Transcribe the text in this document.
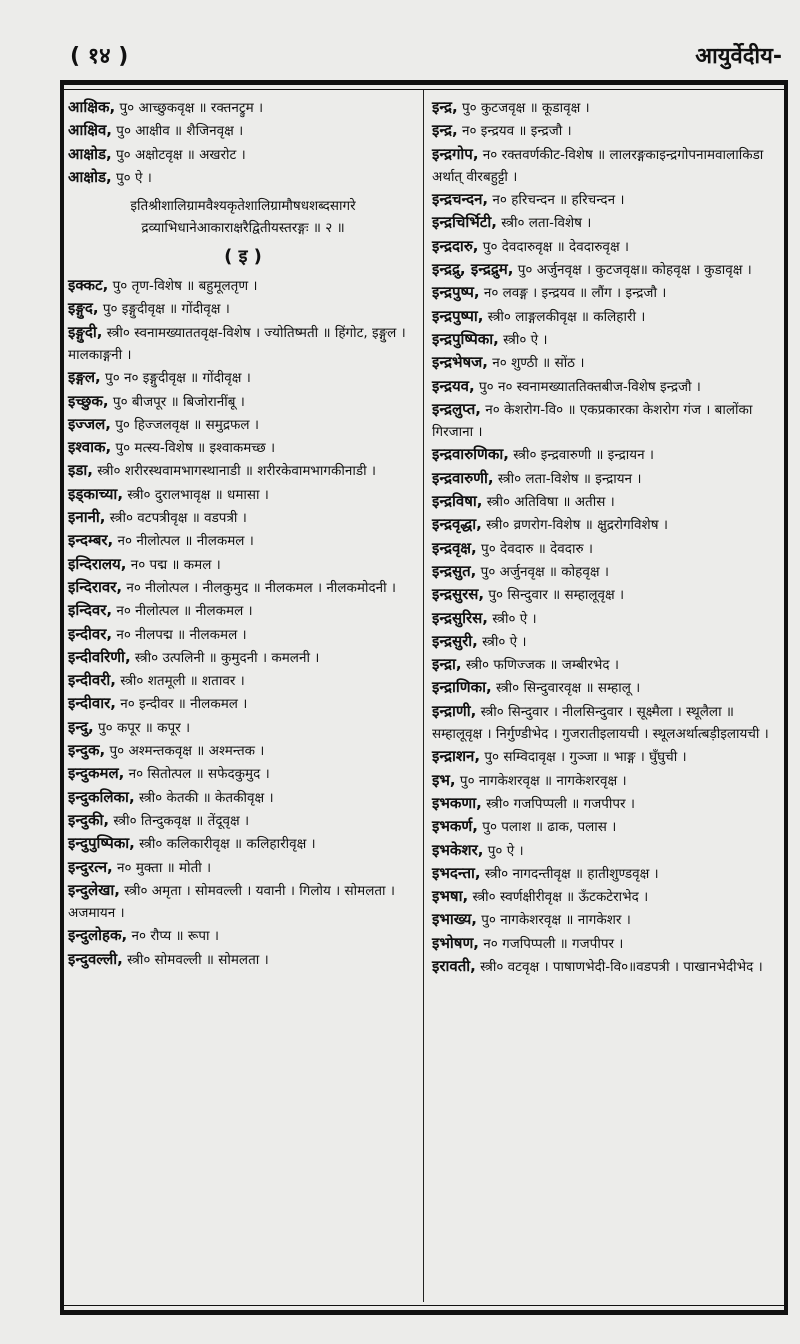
( १४ )	आयुर्वेदीय-

आक्षिक, पु० आच्छुकवृक्ष ॥ रक्तनट्रुम ।

आक्षिव, पु० आक्षीव ॥ शैजिनवृक्ष ।

आक्षोड, पु० अक्षोटवृक्ष ॥ अखरोट ।

आक्षोड, पु० ऐ ।

इतिश्रीशालिग्रामवैश्यकृतेशालिग्रामौषधशब्दसागरे द्रव्याभिधानेआकाराक्षरैद्वितीयस्तरङ्गः ॥ २ ॥

( इ )

इक्कट, पु० तृण-विशेष ॥ बहुमूलतृण ।

इङ्गुद, पु० इङ्गुदीवृक्ष ॥ गोंदीवृक्ष ।

इङ्गुदी, स्त्री० स्वनामख्याततवृक्ष-विशेष । ज्योतिष्मती ॥ हिंगोट, इङ्गुल । मालकाङ्गनी ।

इङ्गल, पु० न० इङ्गुदीवृक्ष ॥ गोंदीवृक्ष ।

इच्छुक, पु० बीजपूर ॥ बिजोरानींबू ।

इज्जल, पु० हिज्जलवृक्ष ॥ समुद्रफल ।

इश्वाक, पु० मत्स्य-विशेष ॥ इश्वाकमच्छ ।

इडा, स्त्री० शरीरस्थवामभागस्थानाडी ॥ शरीरकेवामभागकीनाडी ।

इड्काच्या, स्त्री० दुरालभावृक्ष ॥ धमासा ।

इनानी, स्त्री० वटपत्रीवृक्ष ॥ वडपत्री ।

इन्दम्बर, न० नीलोत्पल ॥ नीलकमल ।

इन्दिरालय, न० पद्म ॥ कमल ।

इन्दिरावर, न० नीलोत्पल । नीलकुमुद ॥ नीलकमल । नीलकमोदनी ।

इन्दिवर, न० नीलोत्पल ॥ नीलकमल ।

इन्दीवर, न० नीलपद्म ॥ नीलकमल ।

इन्दीवरिणी, स्त्री० उत्पलिनी ॥ कुमुदनी । कमलनी ।

इन्दीवरी, स्त्री० शतमूली ॥ शतावर ।

इन्दीवार, न० इन्दीवर ॥ नीलकमल ।

इन्दु, पु० कपूर ॥ कपूर ।

इन्दुक, पु० अश्मन्तकवृक्ष ॥ अश्मन्तक ।

इन्दुकमल, न० सितोत्पल ॥ सफेदकुमुद ।

इन्दुकलिका, स्त्री० केतकी ॥ केतकीवृक्ष ।

इन्दुकी, स्त्री० तिन्दुकवृक्ष ॥ तेंदूवृक्ष ।

इन्दुपुष्पिका, स्त्री० कलिकारीवृक्ष ॥ कलिहारीवृक्ष ।

इन्दुरत्न, न० मुक्ता ॥ मोती ।

इन्दुलेखा, स्त्री० अमृता । सोमवल्ली । यवानी । गिलोय । सोमलता । अजमायन ।

इन्दुलोहक, न० रौप्य ॥ रूपा ।

इन्दुवल्ली, स्त्री० सोमवल्ली ॥ सोमलता ।

इन्द्र, पु० कुटजवृक्ष ॥ कूडावृक्ष ।

इन्द्र, न० इन्द्रयव ॥ इन्द्रजौ ।

इन्द्रगोप, न० रक्तवर्णकीट-विशेष ॥ लालरङ्गकाइन्द्रगोपनामवालाकिडा अर्थात् वीरबहुट्टी ।

इन्द्रचन्दन, न० हरिचन्दन ॥ हरिचन्दन ।

इन्द्रचिर्भिटी, स्त्री० लता-विशेष ।

इन्द्रदारु, पु० देवदारुवृक्ष ॥ देवदारुवृक्ष ।

इन्द्रद्रु, इन्द्रद्रुम, पु० अर्जुनवृक्ष । कुटजवृक्ष॥ कोहवृक्ष । कुडावृक्ष ।

इन्द्रपुष्प, न० लवङ्ग । इन्द्रयव ॥ लौंग । इन्द्रजौ ।

इन्द्रपुष्पा, स्त्री० लाङ्गलकीवृक्ष ॥ कलिहारी ।

इन्द्रपुष्पिका, स्त्री० ऐ ।

इन्द्रभेषज, न० शुण्ठी ॥ सोंठ ।

इन्द्रयव, पु० न० स्वनामख्याततिक्तबीज-विशेष इन्द्रजौ ।

इन्द्रलुप्त, न० केशरोग-वि० ॥ एकप्रकारका केशरोग गंज । बालोंका गिरजाना ।

इन्द्रवारुणिका, स्त्री० इन्द्रवारुणी ॥ इन्द्रायन ।

इन्द्रवारुणी, स्त्री० लता-विशेष ॥ इन्द्रायन ।

इन्द्रविषा, स्त्री० अतिविषा ॥ अतीस ।

इन्द्रवृद्धा, स्त्री० व्रणरोग-विशेष ॥ क्षुद्ररोगविशेष ।

इन्द्रवृक्ष, पु० देवदारु ॥ देवदारु ।

इन्द्रसुत, पु० अर्जुनवृक्ष ॥ कोहवृक्ष ।

इन्द्रसुरस, पु० सिन्दुवार ॥ सम्हालूवृक्ष ।

इन्द्रसुरिस, स्त्री० ऐ ।

इन्द्रसुरी, स्त्री० ऐ ।

इन्द्रा, स्त्री० फणिज्जक ॥ जम्बीरभेद ।

इन्द्राणिका, स्त्री० सिन्दुवारवृक्ष ॥ सम्हालू ।

इन्द्राणी, स्त्री० सिन्दुवार । नीलसिन्दुवार । सूक्ष्मैला । स्थूलैला ॥ सम्हालूवृक्ष । निर्गुण्डीभेद । गुजरातीइलायची । स्थूलअर्थात्बड़ीइलायची ।

इन्द्राशन, पु० सम्विदावृक्ष । गुञ्जा ॥ भाङ्ग । घुँघुची ।

इभ, पु० नागकेशरवृक्ष ॥ नागकेशरवृक्ष ।

इभकणा, स्त्री० गजपिप्पली ॥ गजपीपर ।

इभकर्ण, पु० पलाश ॥ ढाक, पलास ।

इभकेशर, पु० ऐ ।

इभदन्ता, स्त्री० नागदन्तीवृक्ष ॥ हातीशुण्डवृक्ष ।

इभषा, स्त्री० स्वर्णक्षीरीवृक्ष ॥ ऊँटकटेराभेद ।

इभाख्य, पु० नागकेशरवृक्ष ॥ नागकेशर ।

इभोषण, न० गजपिप्पली ॥ गजपीपर ।

इरावती, स्त्री० वटवृक्ष । पाषाणभेदी-वि०॥वडपत्री । पाखानभेदीभेद ।
